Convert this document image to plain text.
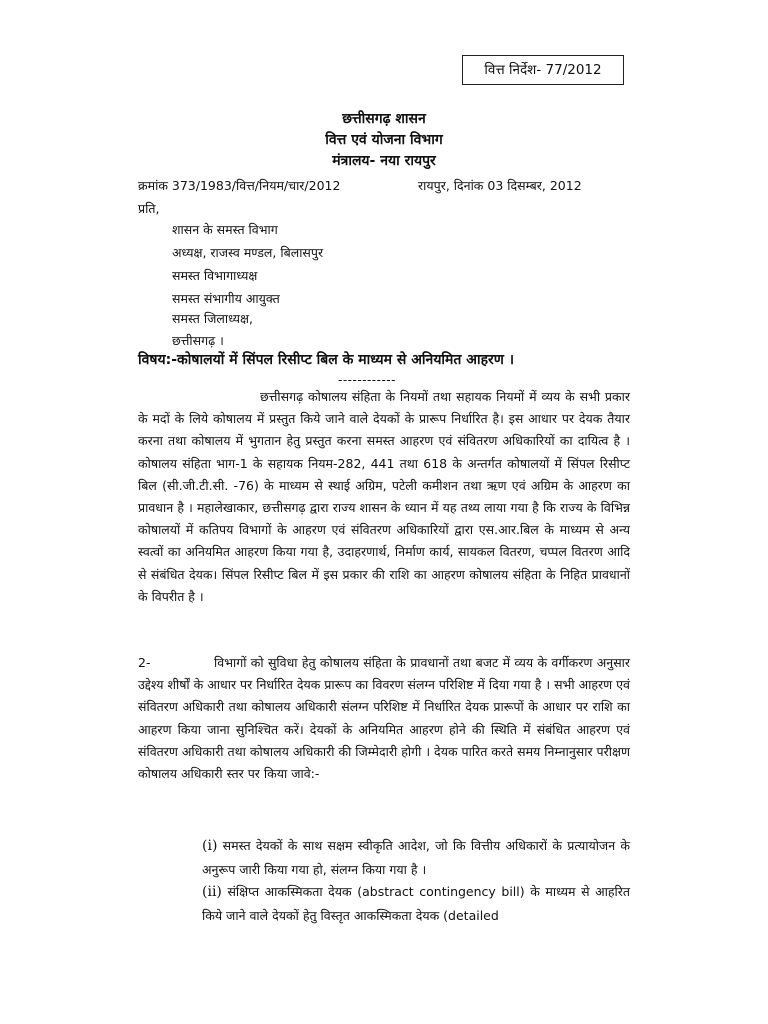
वित्त निर्देश- 77/2012
छत्तीसगढ़ शासन
वित्त एवं योजना विभाग
मंत्रालय- नया रायपुर
क्रमांक 373/1983/वित्त/नियम/चार/2012	रायपुर, दिनांक 03 दिसम्बर, 2012
प्रति,
शासन के समस्त विभाग
अध्यक्ष, राजस्व मण्डल, बिलासपुर
समस्त विभागाध्यक्ष
समस्त संभागीय आयुक्त
समस्त जिलाध्यक्ष,
छत्तीसगढ़ ।
विषय:-कोषालयों में सिंपल रिसीप्ट बिल के माध्यम से अनियमित आहरण ।
------------
छत्तीसगढ़ कोषालय संहिता के नियमों तथा सहायक नियमों में व्यय के सभी प्रकार के मदों के लिये कोषालय में प्रस्तुत किये जाने वाले देयकों के प्रारूप निर्धारित है। इस आधार पर देयक तैयार करना तथा कोषालय में भुगतान हेतु प्रस्तुत करना समस्त आहरण एवं संवितरण अधिकारियों का दायित्व है । कोषालय संहिता भाग-1 के सहायक नियम-282, 441 तथा 618 के अन्तर्गत कोषालयों में सिंपल रिसीप्ट बिल (सी.जी.टी.सी. -76) के माध्यम से स्थाई अग्रिम, पटेली कमीशन तथा ऋण एवं अग्रिम के आहरण का प्रावधान है । महालेखाकार, छत्तीसगढ़ द्वारा राज्य शासन के ध्यान में यह तथ्य लाया गया है कि राज्य के विभिन्न कोषालयों में कतिपय विभागों के आहरण एवं संवितरण अधिकारियों द्वारा एस.आर.बिल के माध्यम से अन्य स्वत्वों का अनियमित आहरण किया गया है, उदाहरणार्थ, निर्माण कार्य, सायकल वितरण, चप्पल वितरण आदि से संबंधित देयक। सिंपल रिसीप्ट बिल में इस प्रकार की राशि का आहरण कोषालय संहिता के निहित प्रावधानों के विपरीत है ।
2-	विभागों को सुविधा हेतु कोषालय संहिता के प्रावधानों तथा बजट में व्यय के वर्गीकरण अनुसार उद्देश्य शीर्षों के आधार पर निर्धारित देयक प्रारूप का विवरण संलग्न परिशिष्ट में दिया गया है । सभी आहरण एवं संवितरण अधिकारी तथा कोषालय अधिकारी संलग्न परिशिष्ट में निर्धारित देयक प्रारूपों के आधार पर राशि का आहरण किया जाना सुनिश्चित करें। देयकों के अनियमित आहरण होने की स्थिति में संबंधित आहरण एवं संवितरण अधिकारी तथा कोषालय अधिकारी की जिम्मेदारी होगी । देयक पारित करते समय निम्नानुसार परीक्षण कोषालय अधिकारी स्तर पर किया जावे:-
(i) समस्त देयकों के साथ सक्षम स्वीकृति आदेश, जो कि वित्तीय अधिकारों के प्रत्यायोजन के अनुरूप जारी किया गया हो, संलग्न किया गया है ।
(ii) संक्षिप्त आकस्मिकता देयक (abstract contingency bill) के माध्यम से आहरित किये जाने वाले देयकों हेतु विस्तृत आकस्मिकता देयक (detailed
